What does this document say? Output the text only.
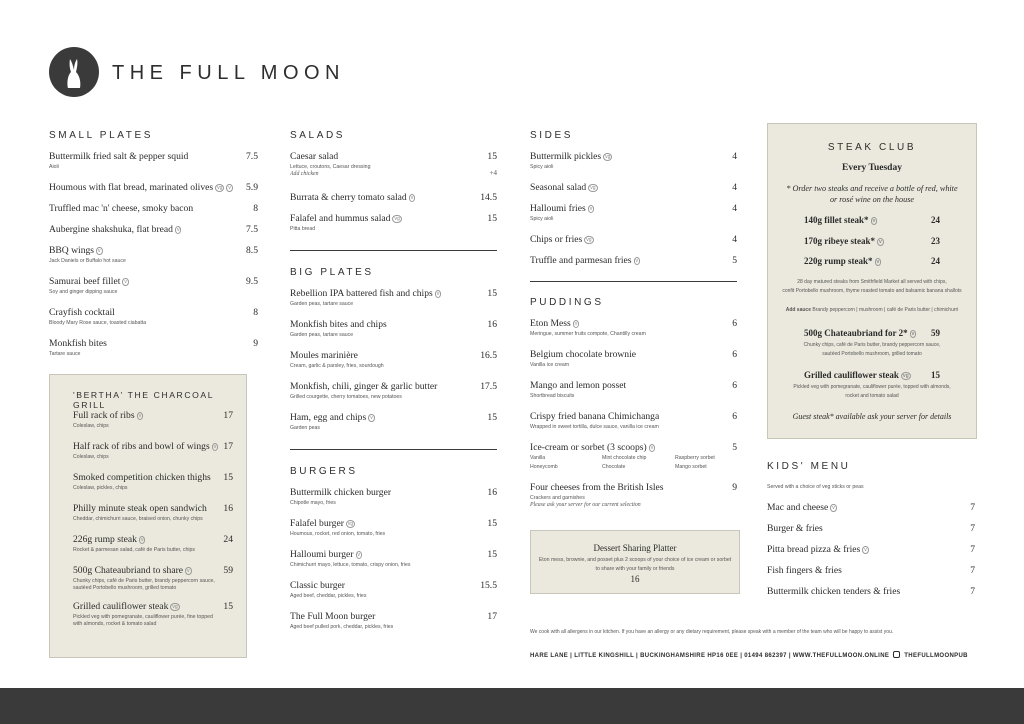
THE FULL MOON
SMALL PLATES
Buttermilk fried salt & pepper squid	7.5
Aioli
Houmous with flat bread, marinated olives vg v 5.9
Truffled mac 'n' cheese, smoky bacon	8
Aubergine shakshuka, flat bread v	7.5
BBQ wings v	8.5
Jack Daniels or Buffalo hot sauce
Samurai beef fillet v	9.5
Soy and ginger dipping sauce
Crayfish cocktail	8
Bloody Mary Rose sauce, toasted ciabatta
Monkfish bites	9
Tartare sauce
'BERTHA' THE CHARCOAL GRILL
Full rack of ribs v	17
Coleslaw, chips
Half rack of ribs and bowl of wings v 17
Coleslaw, chips
Smoked competition chicken thighs 15
Coleslaw, pickles, chips
Philly minute steak open sandwich 16
Cheddar, chimichurri sauce, braised onion, chunky chips
226g rump steak v	24
Rocket & parmesan salad, café de Paris butter, chips
500g Chateaubriand to share v	59
Chunky chips, café de Paris butter, brandy peppercorn sauce,
sautéed Portobello mushroom, grilled tomato
Grilled cauliflower steak vg	15
Pickled veg with pomegranate, cauliflower purée, fine topped
with almonds, rocket & tomato salad
SALADS
Caesar salad	15
Lettuce, croutons, Caesar dressing
Add chicken	+4
Burrata & cherry tomato salad v	14.5
Falafel and hummus salad vg	15
Pitta bread
BIG PLATES
Rebellion IPA battered fish and chips v	15
Garden peas, tartare sauce
Monkfish bites and chips	16
Garden peas, tartare sauce
Moules marinière	16.5
Cream, garlic & parsley, fries, sourdough
Monkfish, chili, ginger & garlic butter	17.5
Grilled courgette, cherry tomatoes, new potatoes
Ham, egg and chips v	15
Garden peas
BURGERS
Buttermilk chicken burger	16
Chipotle mayo, fries
Falafel burger vg	15
Houmous, rocket, red onion, tomato, fries
Halloumi burger v	15
Chimichurri mayo, lettuce, tomato, crispy onion, fries
Classic burger	15.5
Aged beef, cheddar, pickles, fries
The Full Moon burger	17
Aged beef pulled pork, cheddar, pickles, fries
SIDES
Buttermilk pickles vg	4
Spicy aioli
Seasonal salad vg	4
Halloumi fries v	4
Spicy aioli
Chips or fries vg	4
Truffle and parmesan fries v	5
PUDDINGS
Eton Mess v	6
Meringue, summer fruits compote, Chantilly cream
Belgium chocolate brownie	6
Vanilla ice cream
Mango and lemon posset	6
Shortbread biscuits
Crispy fried banana Chimichanga	6
Wrapped in sweet tortilla, dulce sauce, vanilla ice cream
Ice-cream or sorbet (3 scoops) v	5
Vanilla	Mint chocolate chip	Raspberry sorbet
Honeycomb	Chocolate	Mango sorbet
Four cheeses from the British Isles	9
Crackers and garnishes
Please ask your server for our current selection
Dessert Sharing Platter
Eton mess, brownie, and posset plus 2 scoops of your choice of ice cream or sorbet
to share with your family or friends
16
STEAK CLUB
Every Tuesday
* Order two steaks and receive a bottle of red, white
or rosé wine on the house
140g fillet steak* v	24
170g ribeye steak* v	23
220g rump steak* v	24
28 day matured steaks from Smithfield Market all served with chips,
confit Portobello mushroom, thyme roasted tomato and balsamic banana shallots
Add sauce Brandy peppercorn | mushroom | café de Paris butter | chimichurri
500g Chateaubriand for 2* v 59
Chunky chips, café de Paris butter, brandy peppercorn sauce,
sautéed Portobello mushroom, grilled tomato
Grilled cauliflower steak vg 15
Pickled veg with pomegranate, cauliflower purée, topped with almonds,
rocket and tomato salad
Guest steak* available ask your server for details
KIDS' MENU
Served with a choice of veg sticks or peas
Mac and cheese v	7
Burger & fries	7
Pitta bread pizza & fries v	7
Fish fingers & fries	7
Buttermilk chicken tenders & fries	7
We cook with all allergens in our kitchen. If you have an allergy or any dietary requirement, please speak with a member of the team who will be happy to assist you.
HARE LANE | LITTLE KINGSHILL | BUCKINGHAMSHIRE HP16 0EE | 01494 862397 | WWW.THEFULLMOON.ONLINE	THEFULLMOONPUB
